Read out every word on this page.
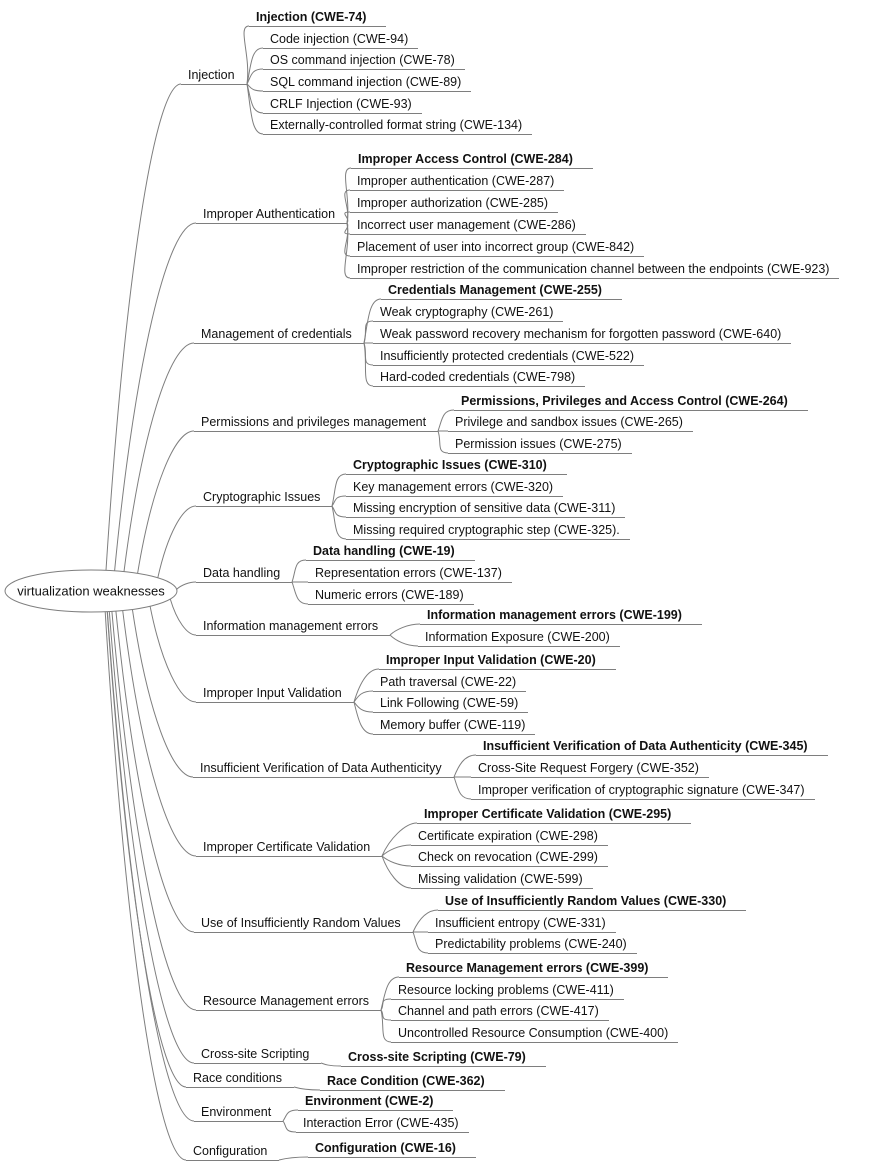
virtualization weaknesses
Injection
Injection (CWE-74)
Code injection (CWE-94)
OS command injection (CWE-78)
SQL command injection (CWE-89)
CRLF Injection (CWE-93)
Externally-controlled format string (CWE-134)
Improper Authentication
Improper Access Control (CWE-284)
Improper authentication (CWE-287)
Improper authorization (CWE-285)
Incorrect user management (CWE-286)
Placement of user into incorrect group (CWE-842)
Improper restriction of the communication channel between the endpoints (CWE-923)
Management of credentials
Credentials Management (CWE-255)
Weak cryptography (CWE-261)
Weak password recovery mechanism for forgotten password (CWE-640)
Insufficiently protected credentials (CWE-522)
Hard-coded credentials (CWE-798)
Permissions and privileges management
Permissions, Privileges and Access Control (CWE-264)
Privilege and sandbox issues (CWE-265)
Permission issues (CWE-275)
Cryptographic Issues
Cryptographic Issues (CWE-310)
Key management errors (CWE-320)
Missing encryption of sensitive data (CWE-311)
Missing required cryptographic step (CWE-325).
Data handling
Data handling (CWE-19)
Representation errors (CWE-137)
Numeric errors (CWE-189)
Information management errors
Information management errors (CWE-199)
Information Exposure (CWE-200)
Improper Input Validation
Improper Input Validation (CWE-20)
Path traversal (CWE-22)
Link Following (CWE-59)
Memory buffer (CWE-119)
Insufficient Verification of Data Authenticityy
Insufficient Verification of Data Authenticity (CWE-345)
Cross-Site Request Forgery (CWE-352)
Improper verification of cryptographic signature (CWE-347)
Improper Certificate Validation
Improper Certificate Validation (CWE-295)
Certificate expiration (CWE-298)
Check on revocation (CWE-299)
Missing validation (CWE-599)
Use of Insufficiently Random Values
Use of Insufficiently Random Values (CWE-330)
Insufficient entropy (CWE-331)
Predictability problems (CWE-240)
Resource Management errors
Resource Management errors (CWE-399)
Resource locking problems (CWE-411)
Channel and path errors (CWE-417)
Uncontrolled Resource Consumption (CWE-400)
Cross-site Scripting	Cross-site Scripting (CWE-79)
Race conditions	Race Condition (CWE-362)
Environment
Environment (CWE-2)
Interaction Error (CWE-435)
Configuration	Configuration (CWE-16)
